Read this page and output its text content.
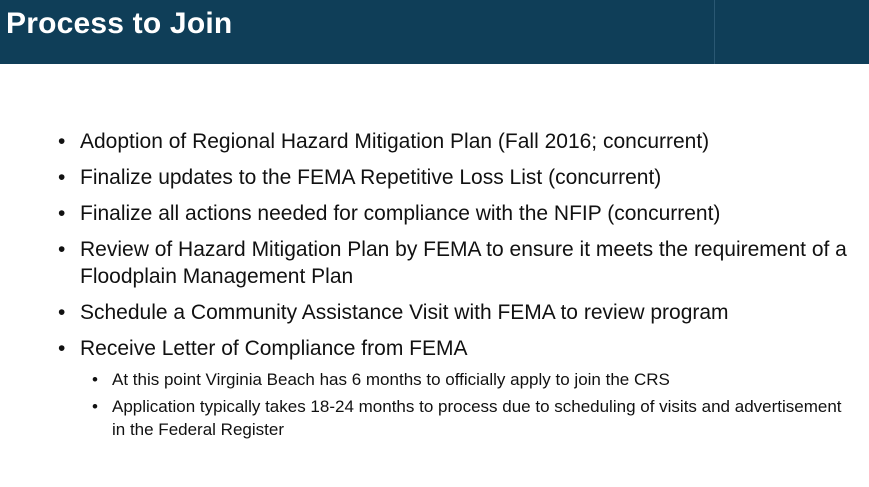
Process to Join
• Adoption of Regional Hazard Mitigation Plan (Fall 2016; concurrent)
• Finalize updates to the FEMA Repetitive Loss List (concurrent)
• Finalize all actions needed for compliance with the NFIP (concurrent)
• Review of Hazard Mitigation Plan by FEMA to ensure it meets the requirement of a Floodplain Management Plan
• Schedule a Community Assistance Visit with FEMA to review program
• Receive Letter of Compliance from FEMA
• At this point Virginia Beach has 6 months to officially apply to join the CRS
• Application typically takes 18-24 months to process due to scheduling of visits and advertisement in the Federal Register
